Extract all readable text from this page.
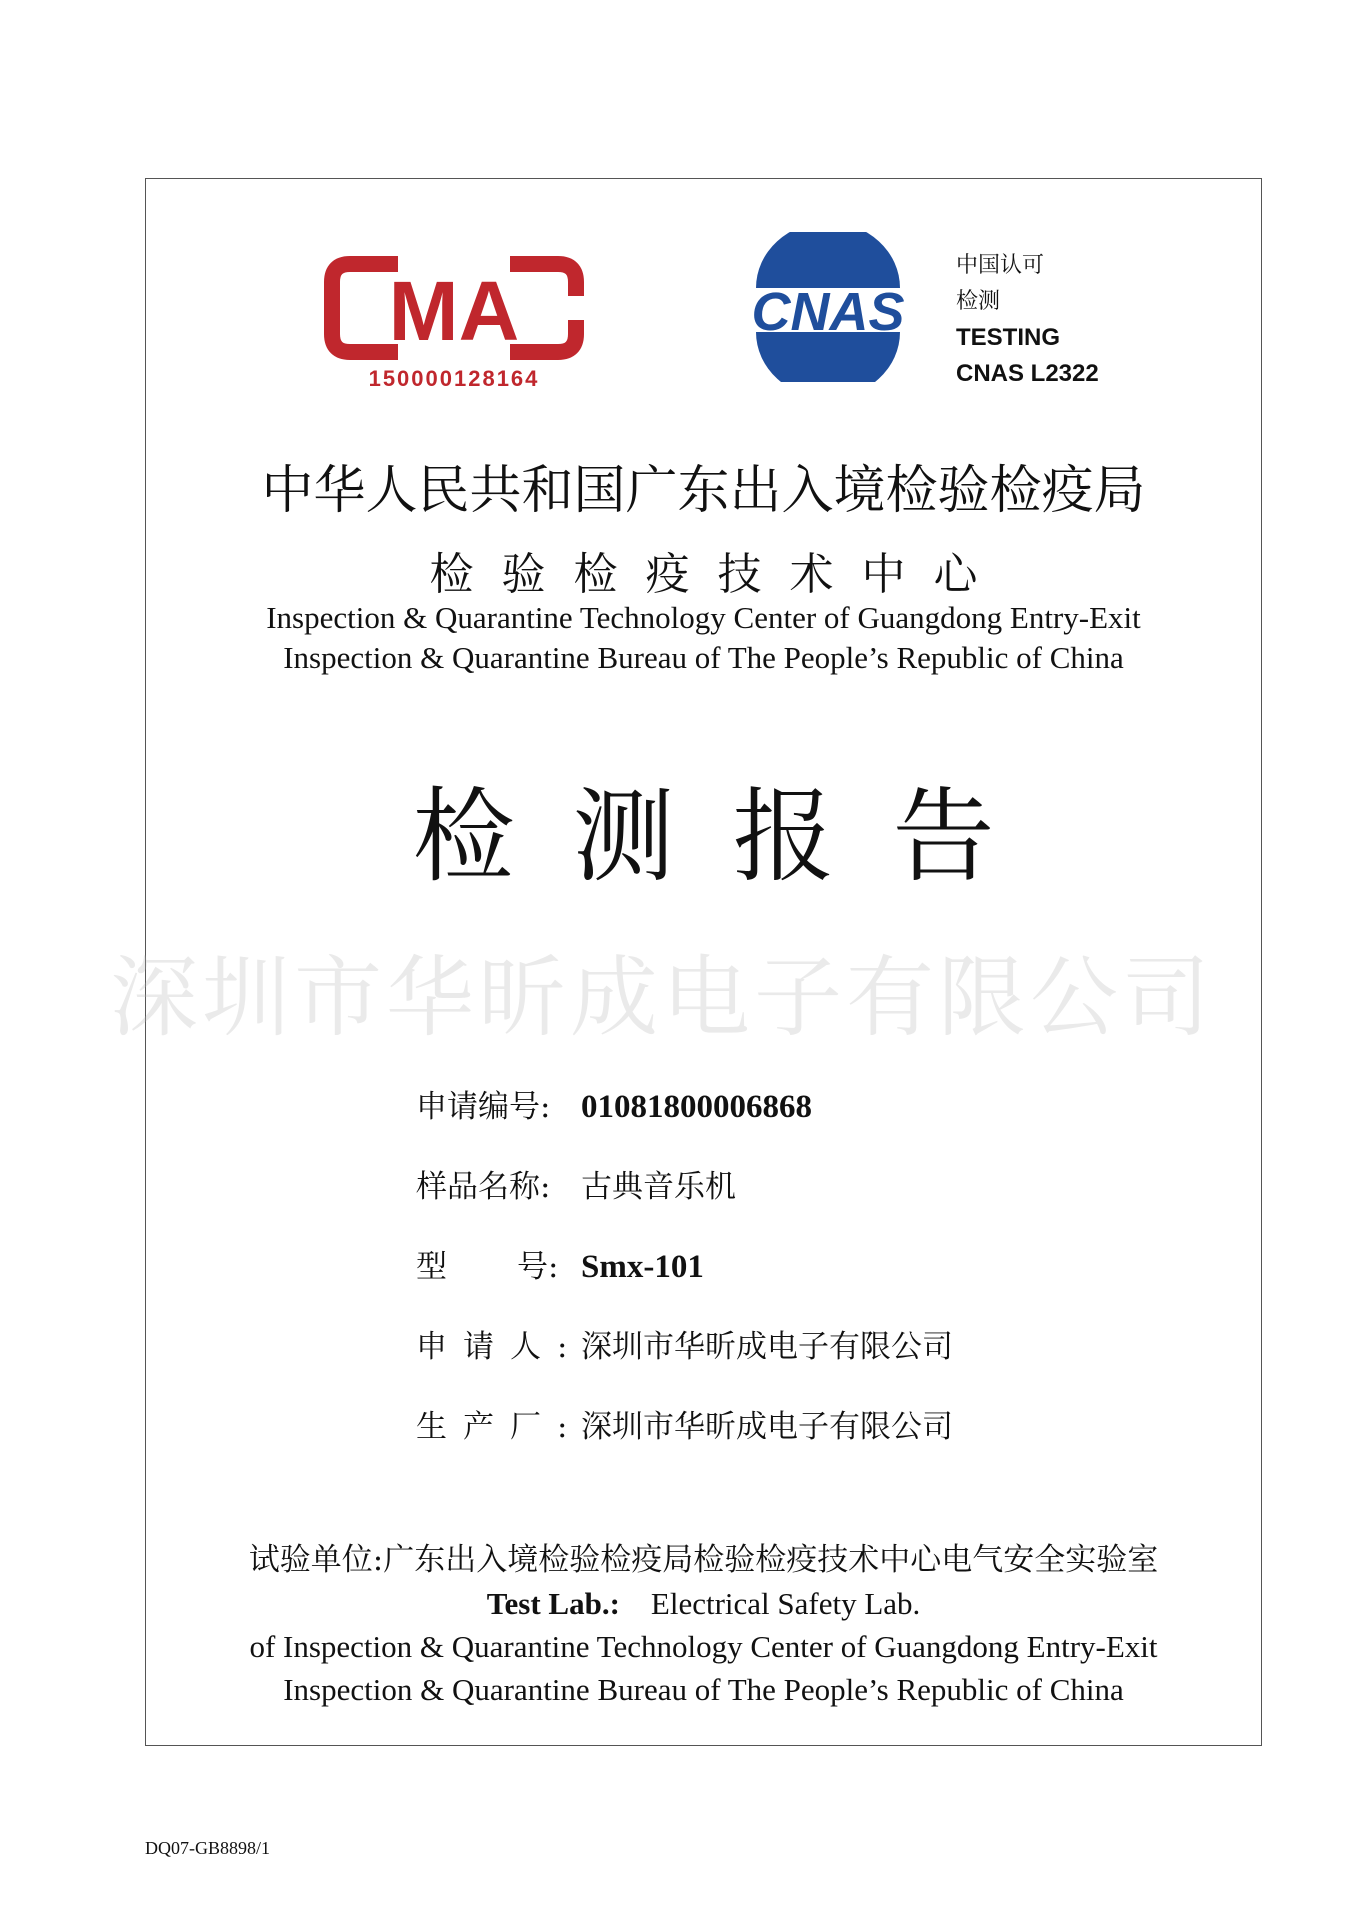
MA
150000128164
CNAS
中国认可
检测
TESTING
CNAS L2322
中华人民共和国广东出入境检验检疫局
检验检疫技术中心
Inspection & Quarantine Technology Center of Guangdong Entry-Exit
Inspection & Quarantine Bureau of The People’s Republic of China
检测报告
深圳市华昕成电子有限公司
申请编号: 01081800006868
样品名称: 古典音乐机
型 号: Smx-101
申请人:深圳市华昕成电子有限公司
生产厂:深圳市华昕成电子有限公司
试验单位:广东出入境检验检疫局检验检疫技术中心电气安全实验室
Test Lab.: Electrical Safety Lab.
of Inspection & Quarantine Technology Center of Guangdong Entry-Exit
Inspection & Quarantine Bureau of The People’s Republic of China
DQ07-GB8898/1
